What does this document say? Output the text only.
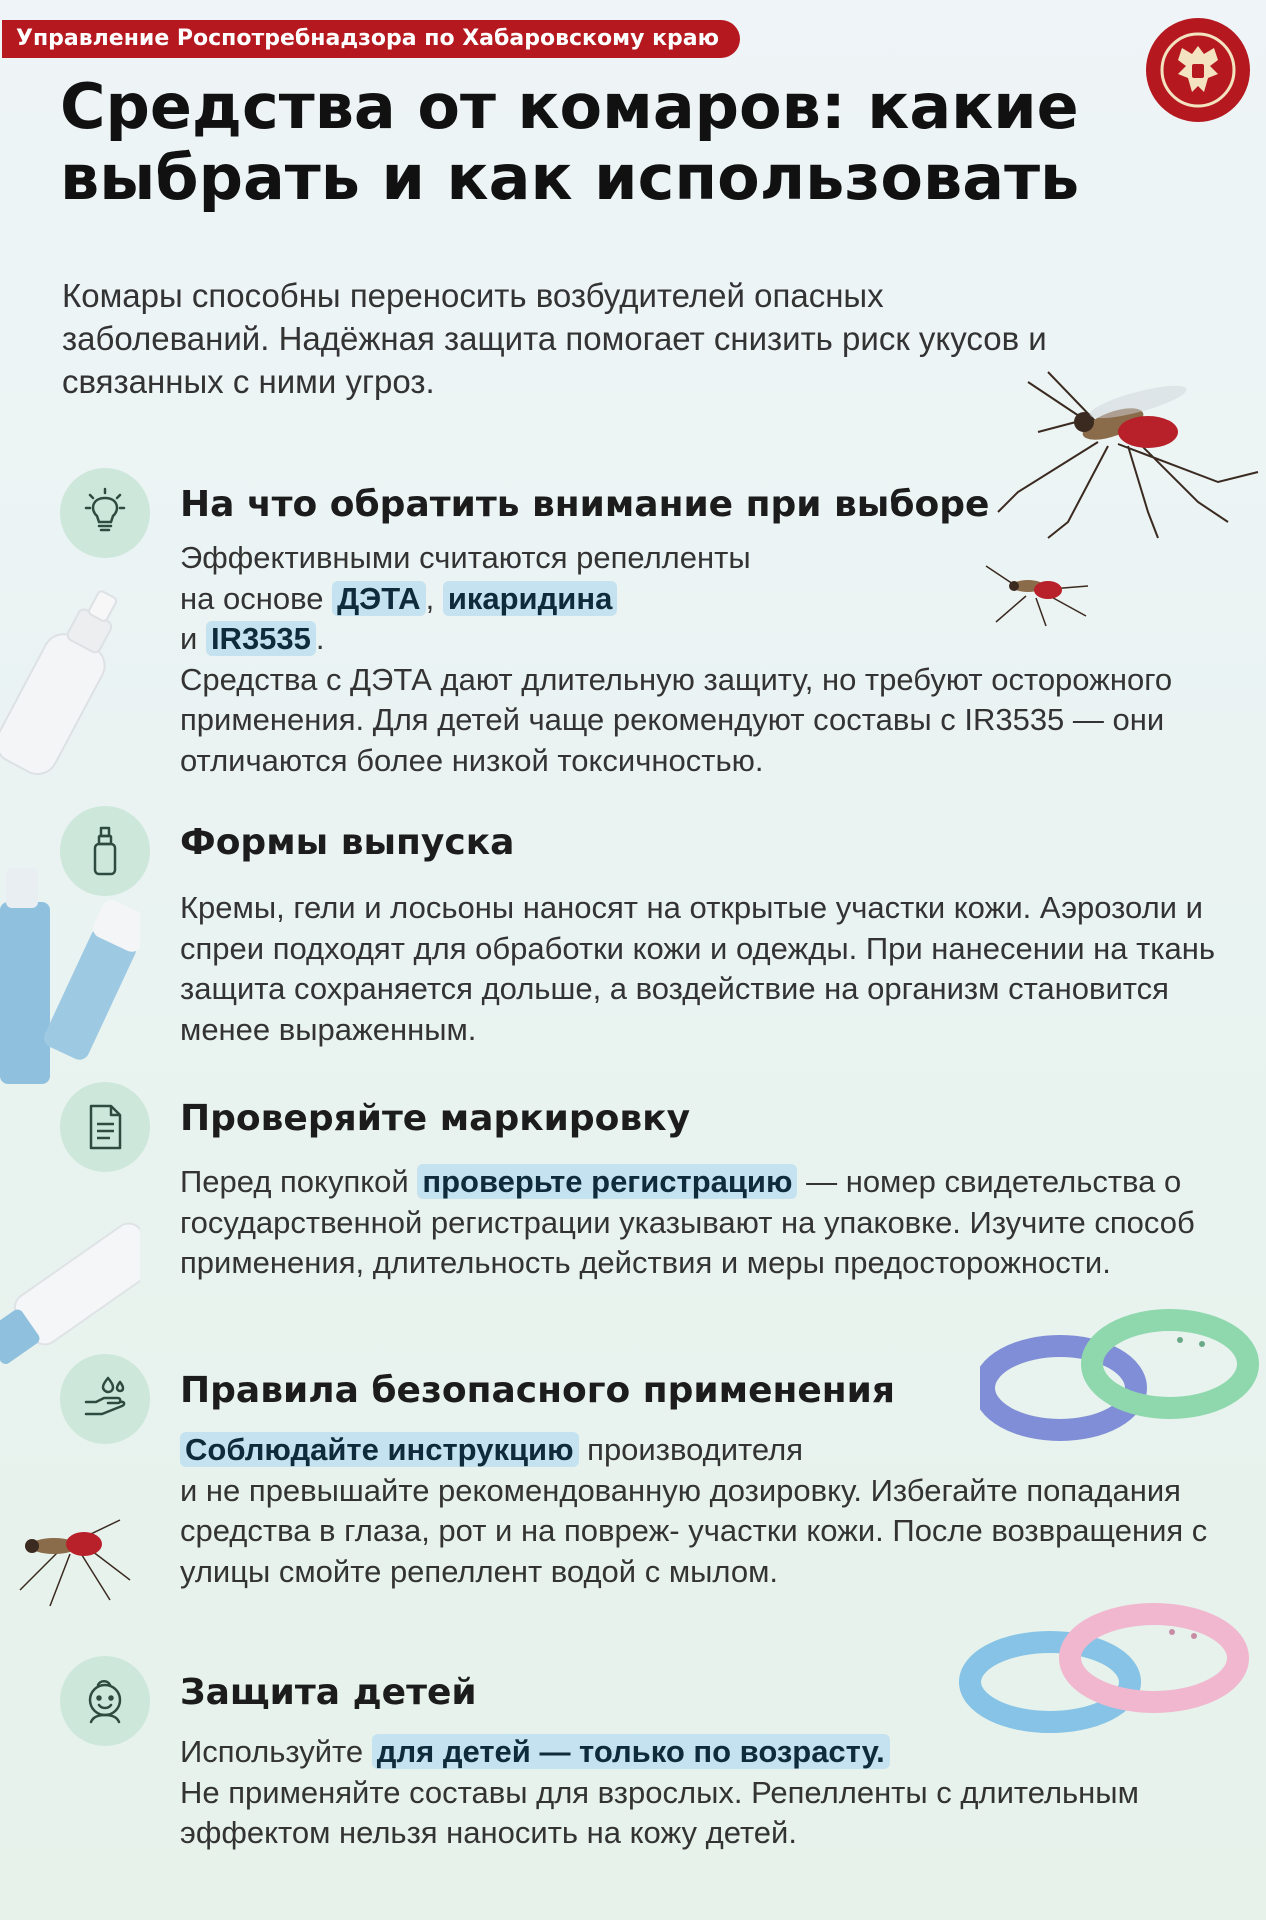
Управление Роспотребнадзора по Хабаровскому краю
Средства от комаров: какие
выбрать и как использовать

Комары способны переносить возбудителей опасных заболеваний. Надёжная защита помогает снизить риск укусов и связанных с ними угроз.

На что обратить внимание при выборе

Эффективными считаются репелленты
на основе ДЭТА , икаридина
и IR3535 .
Средства с ДЭТА дают длительную защиту, но требуют осторожного применения. Для детей чаще рекомендуют составы с IR3535 — они отличаются более низкой токсичностью.

Формы выпуска

Кремы, гели и лосьоны наносят на открытые участки кожи. Аэрозоли и спреи подходят для обработки кожи и одежды. При нанесении на ткань защита сохраняется дольше, а воздействие на организм становится менее выраженным.

Проверяйте маркировку

Перед покупкой проверьте регистрацию — номер свидетельства о государственной регистрации указывают на упаковке. Изучите способ применения, длительность действия и меры предосторожности.

Правила безопасного применения

Соблюдайте инструкцию производителя
и не превышайте рекомендованную дозировку. Избегайте попадания средства в глаза, рот и на повреж- участки кожи. После возвращения с улицы смойте репеллент водой с мылом.

Защита детей

Используйте для детей — только по возрасту.
Не применяйте составы для взрослых. Репелленты с длительным эффектом нельзя наносить на кожу детей.
